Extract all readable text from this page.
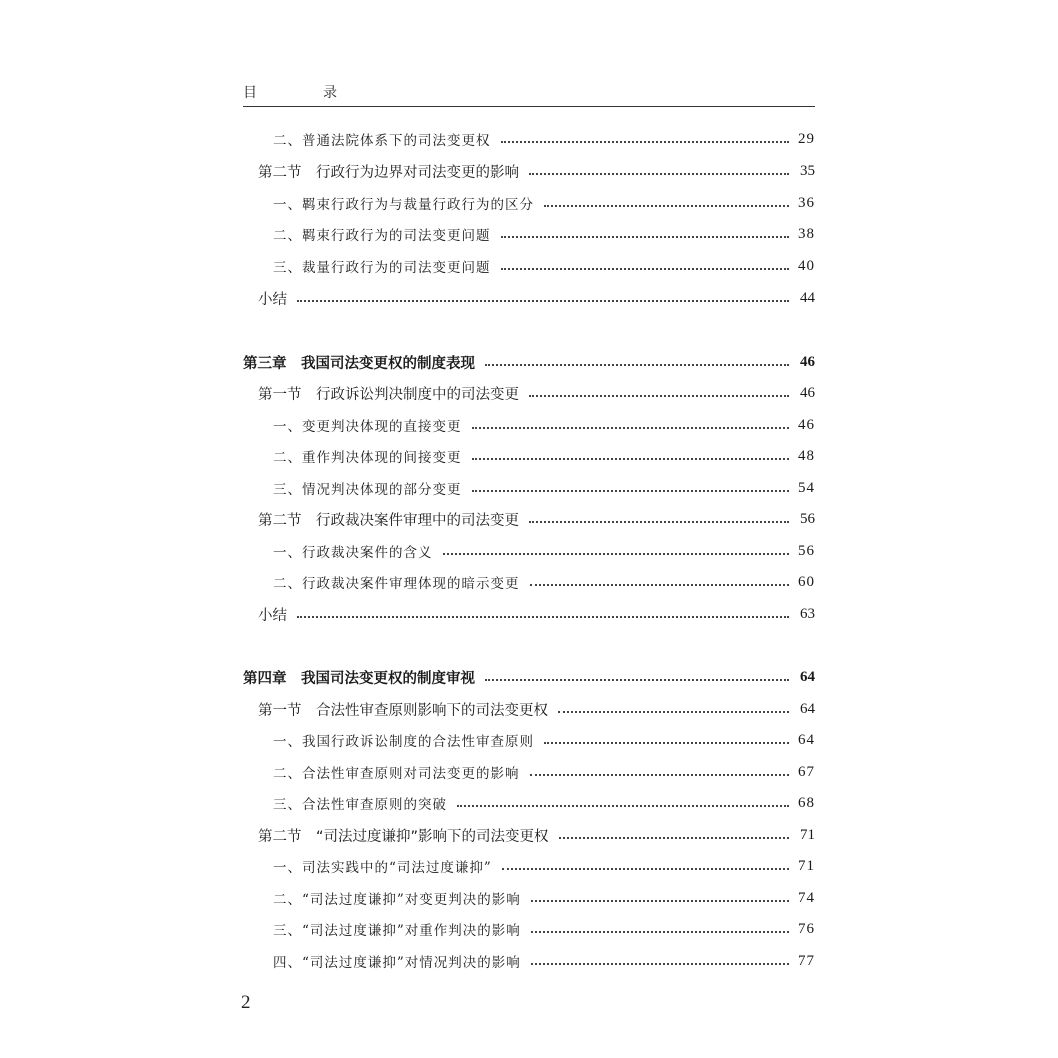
目　录
二、普通法院体系下的司法变更权	29
第二节　行政行为边界对司法变更的影响	35
一、羁束行政行为与裁量行政行为的区分	36
二、羁束行政行为的司法变更问题	38
三、裁量行政行为的司法变更问题	40
小结	44
第三章　我国司法变更权的制度表现	46
第一节　行政诉讼判决制度中的司法变更	46
一、变更判决体现的直接变更	46
二、重作判决体现的间接变更	48
三、情况判决体现的部分变更	54
第二节　行政裁决案件审理中的司法变更	56
一、行政裁决案件的含义	56
二、行政裁决案件审理体现的暗示变更	60
小结	63
第四章　我国司法变更权的制度审视	64
第一节　合法性审查原则影响下的司法变更权	64
一、我国行政诉讼制度的合法性审查原则	64
二、合法性审查原则对司法变更的影响	67
三、合法性审查原则的突破	68
第二节　“司法过度谦抑”影响下的司法变更权	71
一、司法实践中的“司法过度谦抑”	71
二、“司法过度谦抑”对变更判决的影响	74
三、“司法过度谦抑”对重作判决的影响	76
四、“司法过度谦抑”对情况判决的影响	77
2
